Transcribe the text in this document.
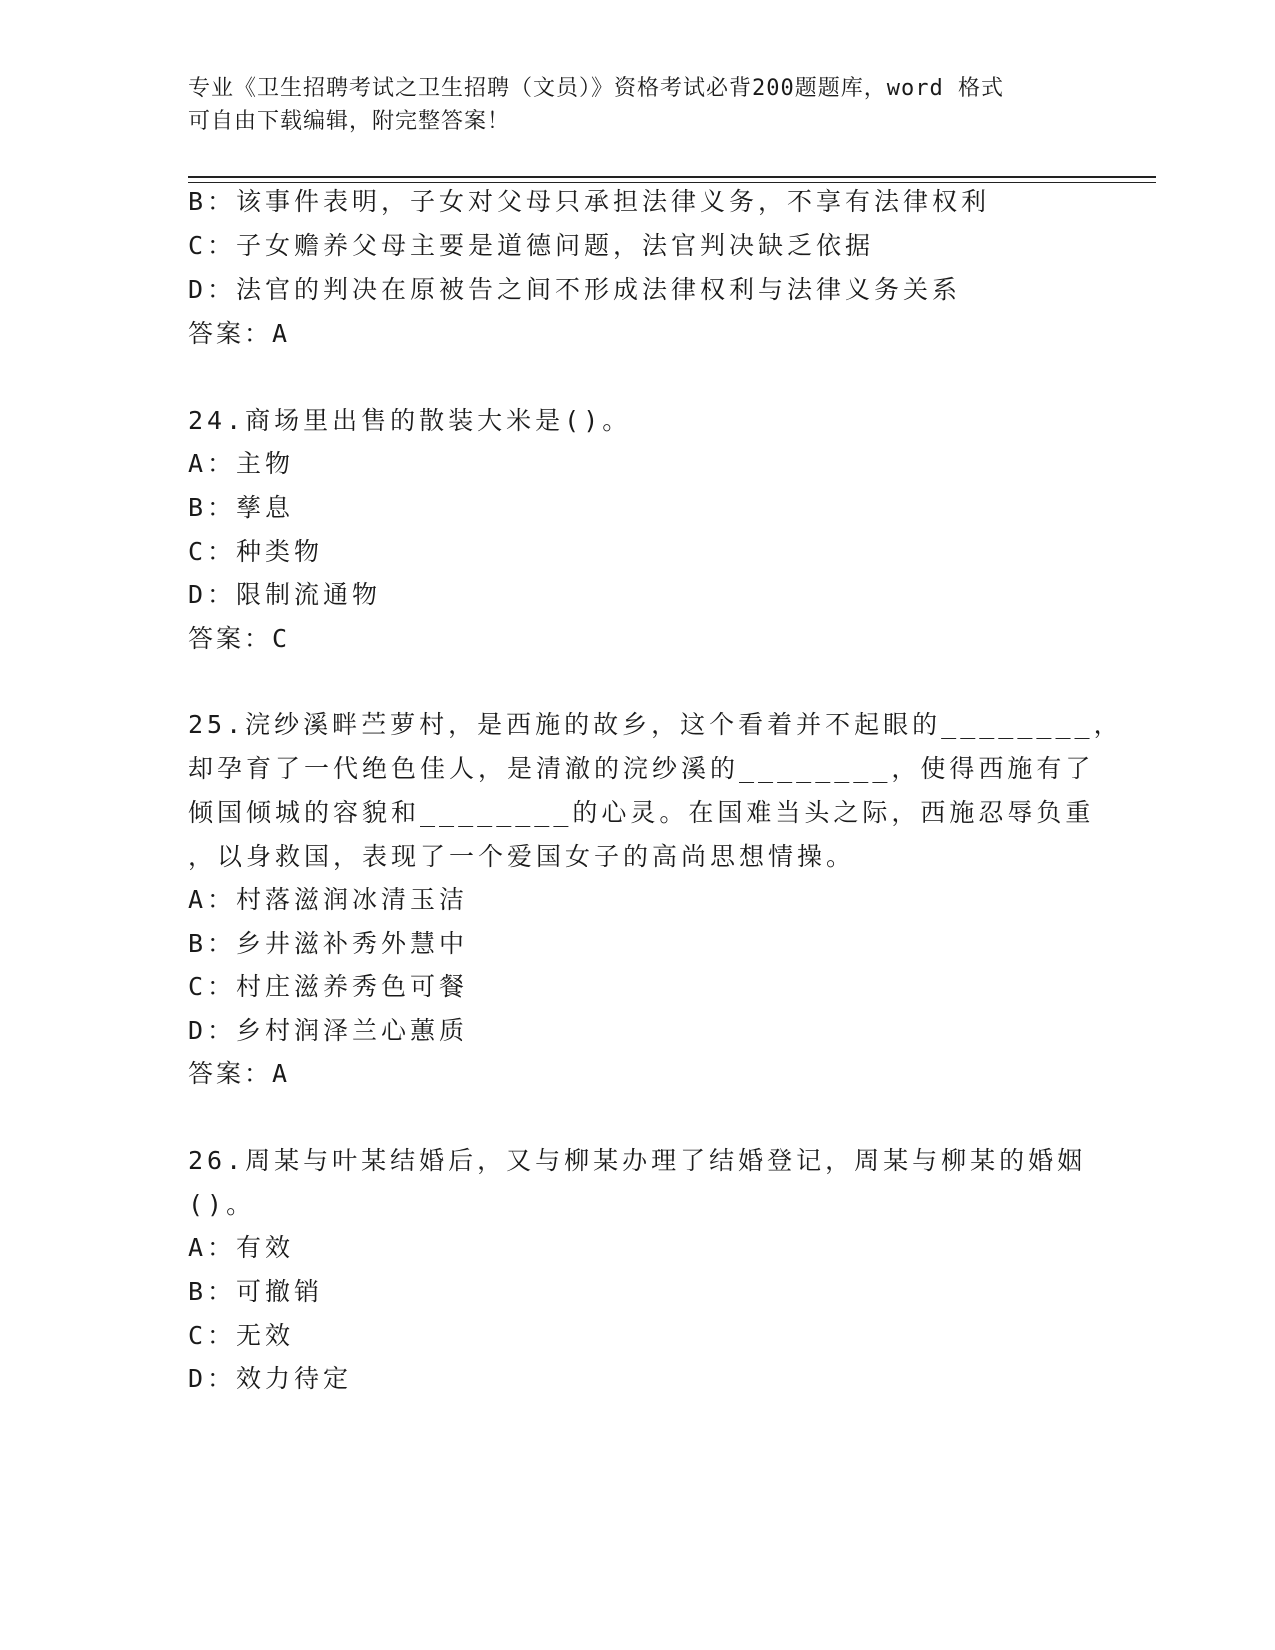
专业《卫生招聘考试之卫生招聘（文员）》资格考试必背200题题库，word 格式
可自由下载编辑，附完整答案！
B：该事件表明，子女对父母只承担法律义务，不享有法律权利
C：子女赡养父母主要是道德问题，法官判决缺乏依据
D：法官的判决在原被告之间不形成法律权利与法律义务关系
答案：A
24.商场里出售的散装大米是()。
A：主物
B：孳息
C：种类物
D：限制流通物
答案：C
25.浣纱溪畔苎萝村，是西施的故乡，这个看着并不起眼的________，
却孕育了一代绝色佳人，是清澈的浣纱溪的________，使得西施有了
倾国倾城的容貌和________的心灵。在国难当头之际，西施忍辱负重
，以身救国，表现了一个爱国女子的高尚思想情操。
A：村落滋润冰清玉洁
B：乡井滋补秀外慧中
C：村庄滋养秀色可餐
D：乡村润泽兰心蕙质
答案：A
26.周某与叶某结婚后，又与柳某办理了结婚登记，周某与柳某的婚姻
()。
A：有效
B：可撤销
C：无效
D：效力待定
